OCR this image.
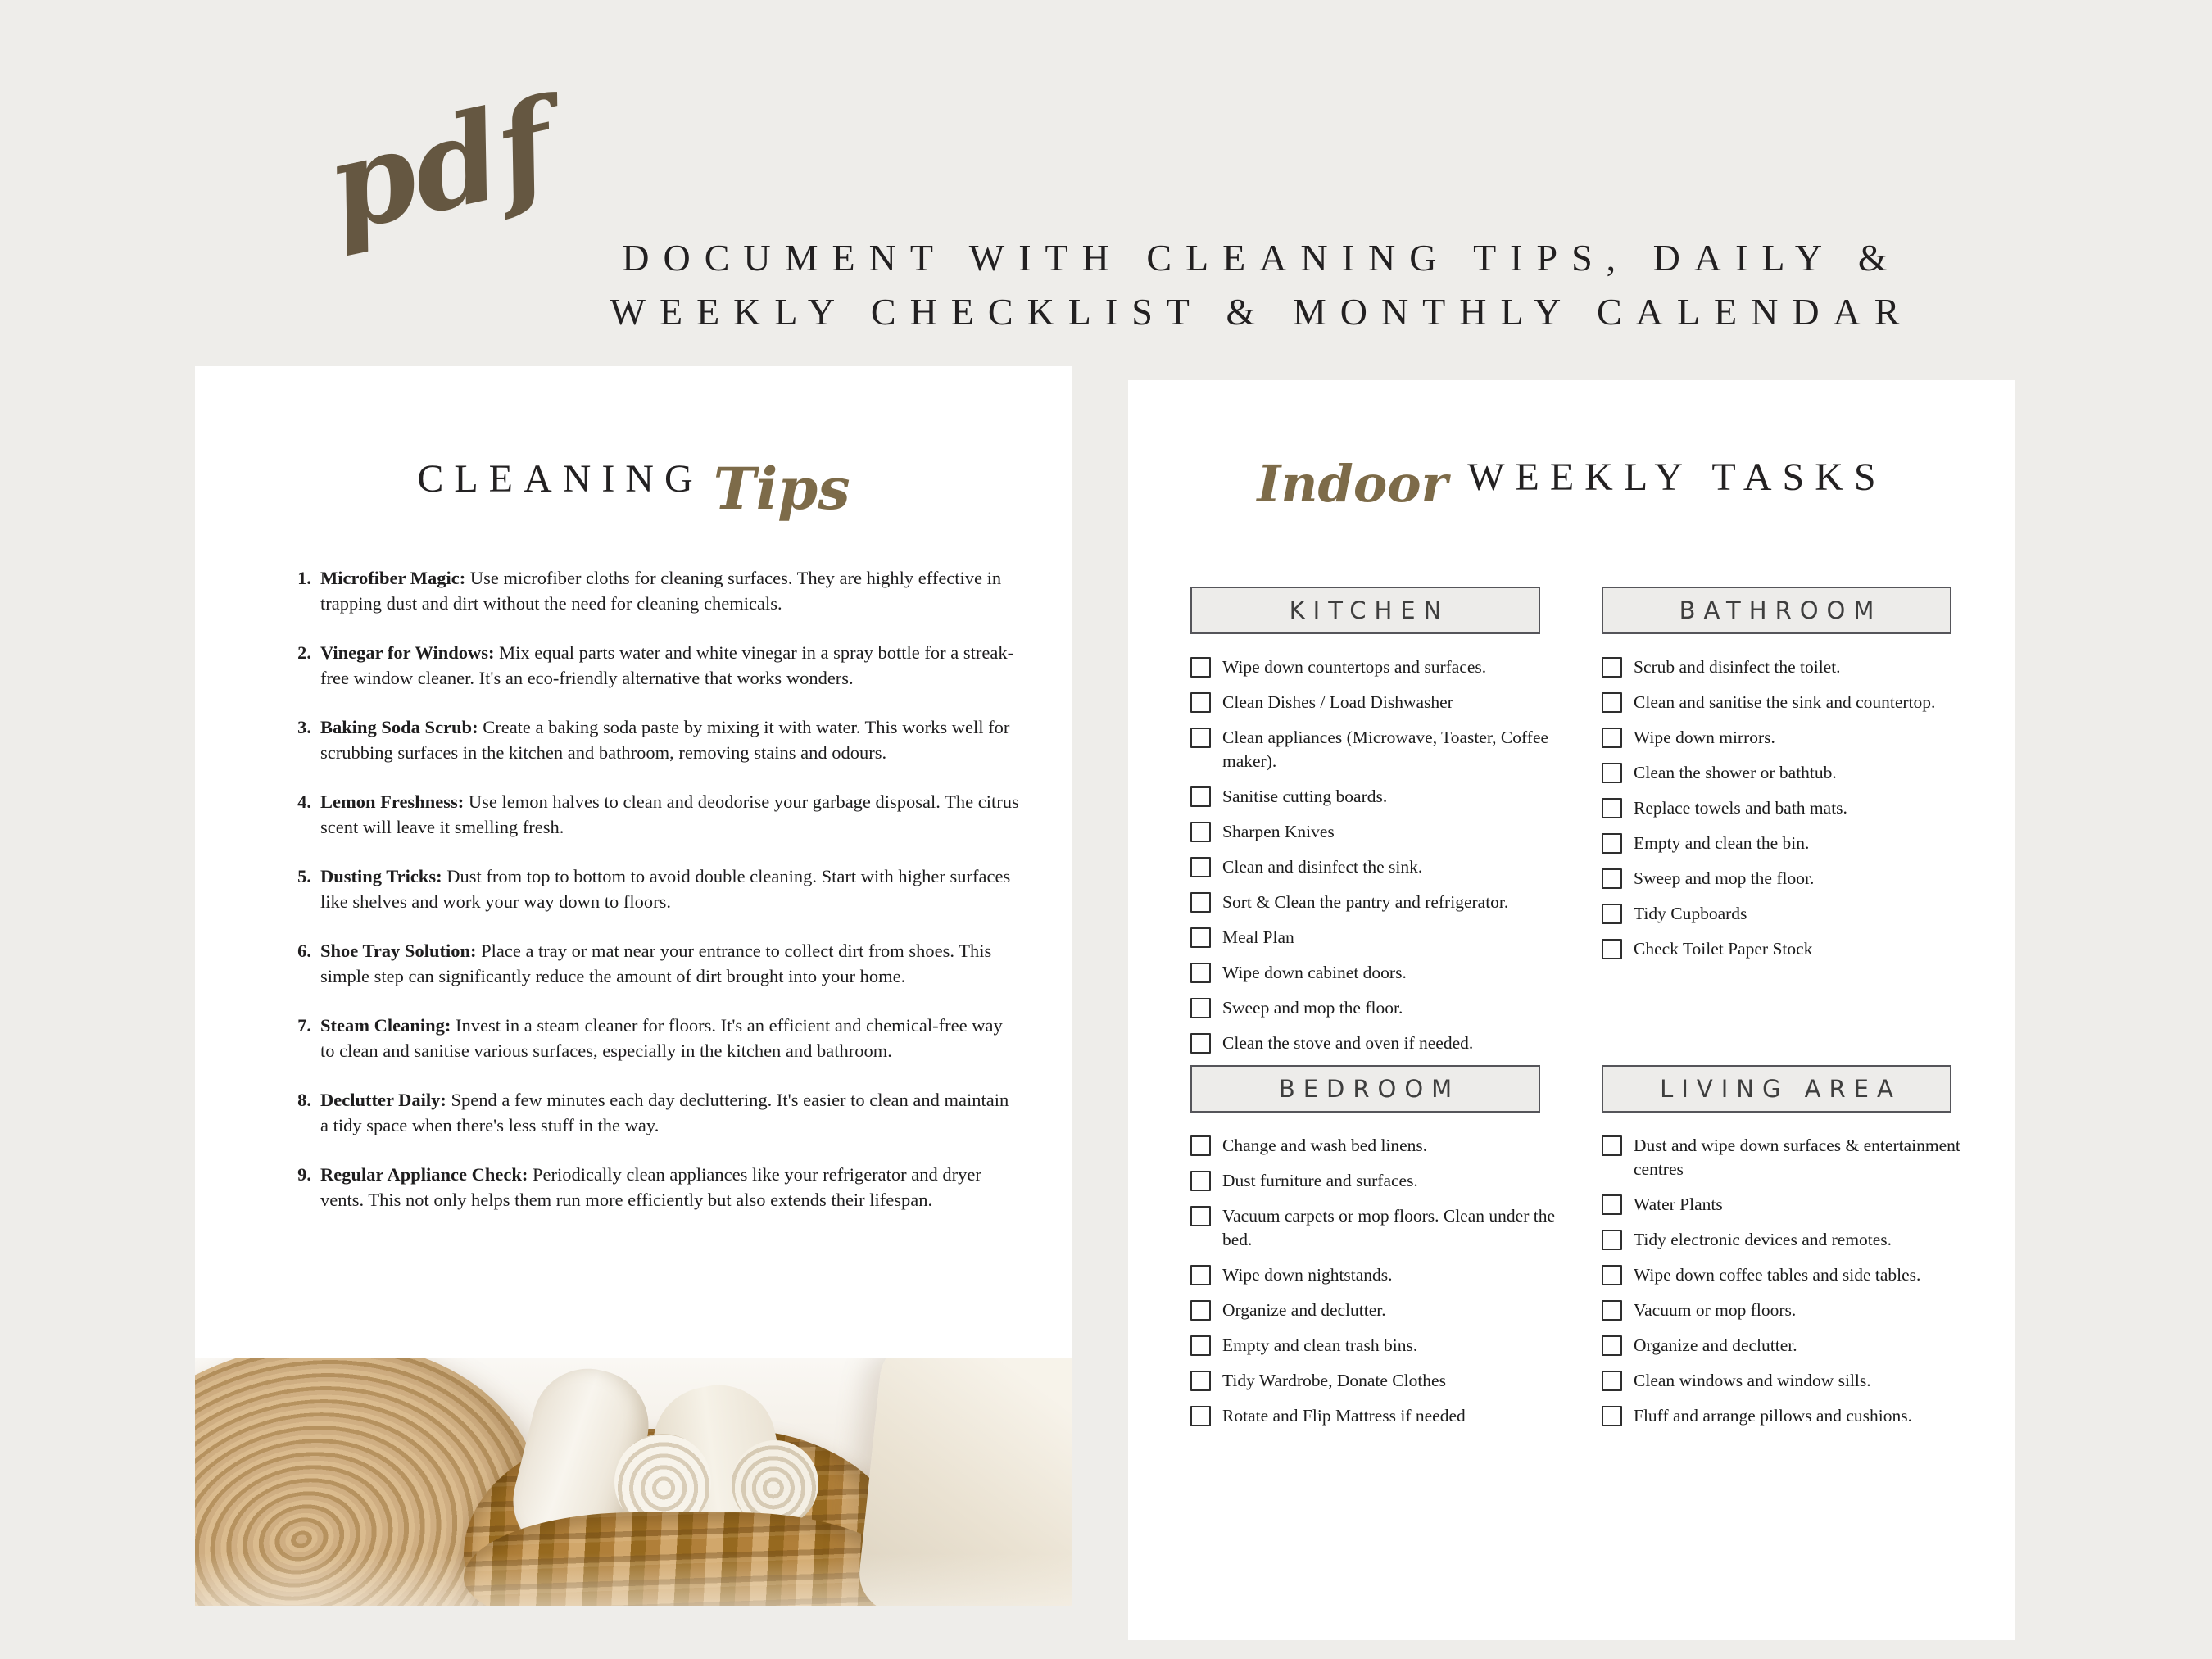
pdf	DOCUMENT WITH CLEANING TIPS, DAILY &
WEEKLY CHECKLIST & MONTHLY CALENDAR
CLEANING Tips
1. Microfiber Magic: Use microfiber cloths for cleaning surfaces. They are highly effective in trapping dust and dirt without the need for cleaning chemicals.

2. Vinegar for Windows: Mix equal parts water and white vinegar in a spray bottle for a streak-free window cleaner. It's an eco-friendly alternative that works wonders.

3. Baking Soda Scrub: Create a baking soda paste by mixing it with water. This works well for scrubbing surfaces in the kitchen and bathroom, removing stains and odours.

4. Lemon Freshness: Use lemon halves to clean and deodorise your garbage disposal. The citrus scent will leave it smelling fresh.

5. Dusting Tricks: Dust from top to bottom to avoid double cleaning. Start with higher surfaces like shelves and work your way down to floors.

6. Shoe Tray Solution: Place a tray or mat near your entrance to collect dirt from shoes. This simple step can significantly reduce the amount of dirt brought into your home.

7. Steam Cleaning: Invest in a steam cleaner for floors. It's an efficient and chemical-free way to clean and sanitise various surfaces, especially in the kitchen and bathroom.

8. Declutter Daily: Spend a few minutes each day decluttering. It's easier to clean and maintain a tidy space when there's less stuff in the way.

9. Regular Appliance Check: Periodically clean appliances like your refrigerator and dryer vents. This not only helps them run more efficiently but also extends their lifespan.

Indoor WEEKLY TASKS
KITCHEN
Wipe down countertops and surfaces.
Clean Dishes / Load Dishwasher
Clean appliances (Microwave, Toaster, Coffee maker).
Sanitise cutting boards.
Sharpen Knives
Clean and disinfect the sink.
Sort & Clean the pantry and refrigerator.
Meal Plan
Wipe down cabinet doors.
Sweep and mop the floor.
Clean the stove and oven if needed.
BATHROOM
Scrub and disinfect the toilet.
Clean and sanitise the sink and countertop.
Wipe down mirrors.
Clean the shower or bathtub.
Replace towels and bath mats.
Empty and clean the bin.
Sweep and mop the floor.
Tidy Cupboards
Check Toilet Paper Stock
BEDROOM
Change and wash bed linens.
Dust furniture and surfaces.
Vacuum carpets or mop floors. Clean under the bed.
Wipe down nightstands.
Organize and declutter.
Empty and clean trash bins.
Tidy Wardrobe, Donate Clothes
Rotate and Flip Mattress if needed
LIVING AREA
Dust and wipe down surfaces & entertainment centres
Water Plants
Tidy electronic devices and remotes.
Wipe down coffee tables and side tables.
Vacuum or mop floors.
Organize and declutter.
Clean windows and window sills.
Fluff and arrange pillows and cushions.
